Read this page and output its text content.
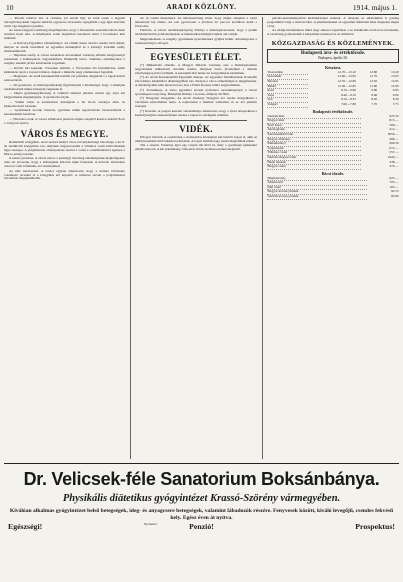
10	ARADI KÖZLÖNY.	1914. május 1.

— Pécsett rablóvá lett. A csöndes, jól nevelt ifjú, ki évek során a legjobb bizonyítványokkal végezte iskoláit, egyszerre elvesztette nyugalmát s egy éjjel álarcban rátört egy magányos gazdára.

Az esetet tárgyaló rendőrség megállapította, hogy a fiatalember szerelmi bánata miatt tévedett ilyen útra. A kihallgatás során megtörten beismerte tettét s bocsánatot kért szüleitől.

— A Kölcsey-Egyesület választmánya. Az elmúlt héten tartotta rendes havi ülését, melyen az elnök beszámolt az egyesület munkájáról és a közelgő irodalmi estély előkészületeiről.

— Népzenei estély. A városi zeneiskola növendékei vasárnap délután hangversenyt rendeznek a Kultúrpalota nagytermében. Belépődíj nincs, önkéntes adományokat a szegény tanulók javára köszönettel fogadnak.

— Kiváló hírt kaptunk. Városunk szülötte, a fővárosban élő festőművész, ismét kitüntetést nyert a tavaszi tárlaton. Képeit a műértők nagy elismeréssel fogadták.

— Megjelent. Az aradi kereskedelmi testület évi jelentése megjelent s a tagok között szétosztották.

— Sír-gondozás. A temetőgondnokság figyelmezteti a közönséget, hogy a sírhelyek rendbehozását május közepéig végezzék el.

— Dupla gyermekgyilkosság. A vidékről érkezett jelentés szerint egy anya két kisgyermekét megmérgezte. A nyomozás folyik.

— Vidéki vásár. A szomszédos községben e hó 10-én országos állat- és kirakodóvásárt tartanak.

— Gyermekek kocsik, bútorok, gyermek ruhák legolcsóbban beszerezhetők a kereskedelmi bazárban.

— Hivatalos órák. A városi adóhivatal pénztára május elsejétől kezdve délelőtt 8-tól 1 óráig tart nyitva.

VÁROS ÉS MEGYE.

Rendkívüli közgyűlés. Arad szabad királyi város törvényhatósági bizottsága e hó 6-án rendkívüli közgyűlést tart, melynek tárgysorozatán a villamos vasút kibővítésének ügye szerepel. A polgármester előterjesztése szerint a vonal a vasútállomástól egészen a Maros-partig vezetne.

A tanács javaslata. A városi tanács a pénzügyi bizottság véleményének meghallgatása után azt javasolja, hogy a költségeket kölcsön útján fedezzék. A kölcsön törlesztése ötven év alatt történnék, évi részletekben.

Az ülés határozatai. A tanács egyben elhatározta, hogy a kórház bővítésére vonatkozó terveket is a közgyűlés elé terjeszti. A részletes tervek a polgármesteri hivatalban megtekinthetők.

Az új vasúti menetrend. Az üzletvezetőség közli, hogy május elsejétől a nyári menetrend lép életbe. Az esti gyorsvonat a jövőben tíz perccel korábban indul a fővárosba.

Felhívás. A városi rendőrkapitányság felhívja a háztulajdonosokat, hogy a járdák tisztántartásáról gondoskodjanak. A mulasztókat kihágási eljárás alá vonják.

Megrendelések. A szegény gyermekek nyaraltatására gyűjtés indult. Adományokat a szerkesztőség is elfogad.

EGYESÜLETI ÉLET.

(*) Műkedvelő előadás. A Magyar Dalárda vasárnap este a Kultúrpalotában nagyszabású műkedvelő előadást rendez, melynek tiszta jövedelmét a dalárda zászlóalapja javára fordítják. A szereplők már hetek óta szorgalmasan készülnek.

(*) Az Aradi Kereskedelmi Egyesület ünnepe. Az egyesület fennállásának ötvenedik évfordulója alkalmából díszközgyűlést tart, melyen a város előkelőségei is megjelennek. A díszközgyűlés után társasvacsora lesz a Fehér Kereszt szálló nagytermében.

(*) Tornaünnep. A torna egyesület tavaszi nyilvános tornaünnepélyét a városi sporttelepen tartja meg. Belépődíj ülőhely 1 korona, állóhely 40 fillér.

(*) Nőegyleti közgyűlés. Az Aradi Jótékony Nőegylet évi rendes közgyűlését a városháza kistermében tartja. A napirenden a tisztikar választása és az évi jelentés szerepel.

(*) Kaszinó. A polgári kaszinó választmánya elhatározta, hogy a nyári hónapokban a kerthelyiségben zeneestélyeket rendez a tagok és vendégeik számára.

VIDÉK.

Elfogott betörők. A csendőrség a szomszédos községben két betörőt fogott el, akik az utóbbi hetekben több lakásba behatoltak. A lopott holmik nagy részét megtalálták náluk.

Tűz a tanyán. Vasárnap éjjel egy tanyán tűz ütött ki, mely a gazdasági épületeket elhamvasztotta. A kár jelentékeny, biztosítás révén azonban részben megtérül.

palotás-szerzeményeiből kirándulásokat tesznek. A társaság ez alkalommal is gazdag programmal várja a résztvevőket. A jelentkezéseket az egyesület titkáránál lehet megtenni május 10-ig.

Az eddigi kirándulások mind nagy sikerrel végződtek, s az érdeklődés évről-évre növekszik. A vezetőség gondoskodik a kényelmes utazásról és az ellátásról.

KÖZGAZDASÁG ÉS KÖZLEMÉNYEK.
Budapesti áru- és értéktőzsde.
Budapest, április 30.
Készáru.
Tiszavidéki	12.70—13.10	12.80	13.20
Pestvidéki	12.60—12.95	12.70	13.05
Bácskai	12.55—12.90	12.65	12.95
Bánáti	12.50—12.85	12.60	12.90
Rozs	9.70—9.90	9.80	9.95
Árpa	8.40—9.10	8.60	9.00
Zab	8.10—8.35	8.20	8.30
Tengeri	7.60—7.80	7.70	7.75
Budapesti értéktőzsde.
Osztrák hitel	623.50
Magyar hitel	815.—
Pesti hazai	566.—
Jelzálogbank	412.—
Kereskedelmi bank	3950.—
Magyar általános	498.—
Rimamurányi	669.50
Salgótarjáni	672.—
Villamos vasút	557.—
Osztrák-magyar bank	1924.—
Hazai takarék	438.—
Magyar cukor	270.—
Bécsi tőzsde.
Hitelrészvény	623.—
Államvasút	703.—
Déli vasút	103.—
Magyar korona járadék	82.55
Osztrák korona járadék	82.60
Dr. Velicsek-féle Sanatorium Boksánbánya.
Physikális diätetikus gyógyintézet Krassó-Szörény vármegyében.
Kiválóan alkalmas gyógyintézet belső betegségek, ideg- és anyagcsere betegségek, valamint lábadozók részére. Fenyvesek között, kiváló levegőjű, csendes fekvésű hely. Egész éven át nyitva.
Egészségi!	Penzió!	Prospektus!
Nyomatott
